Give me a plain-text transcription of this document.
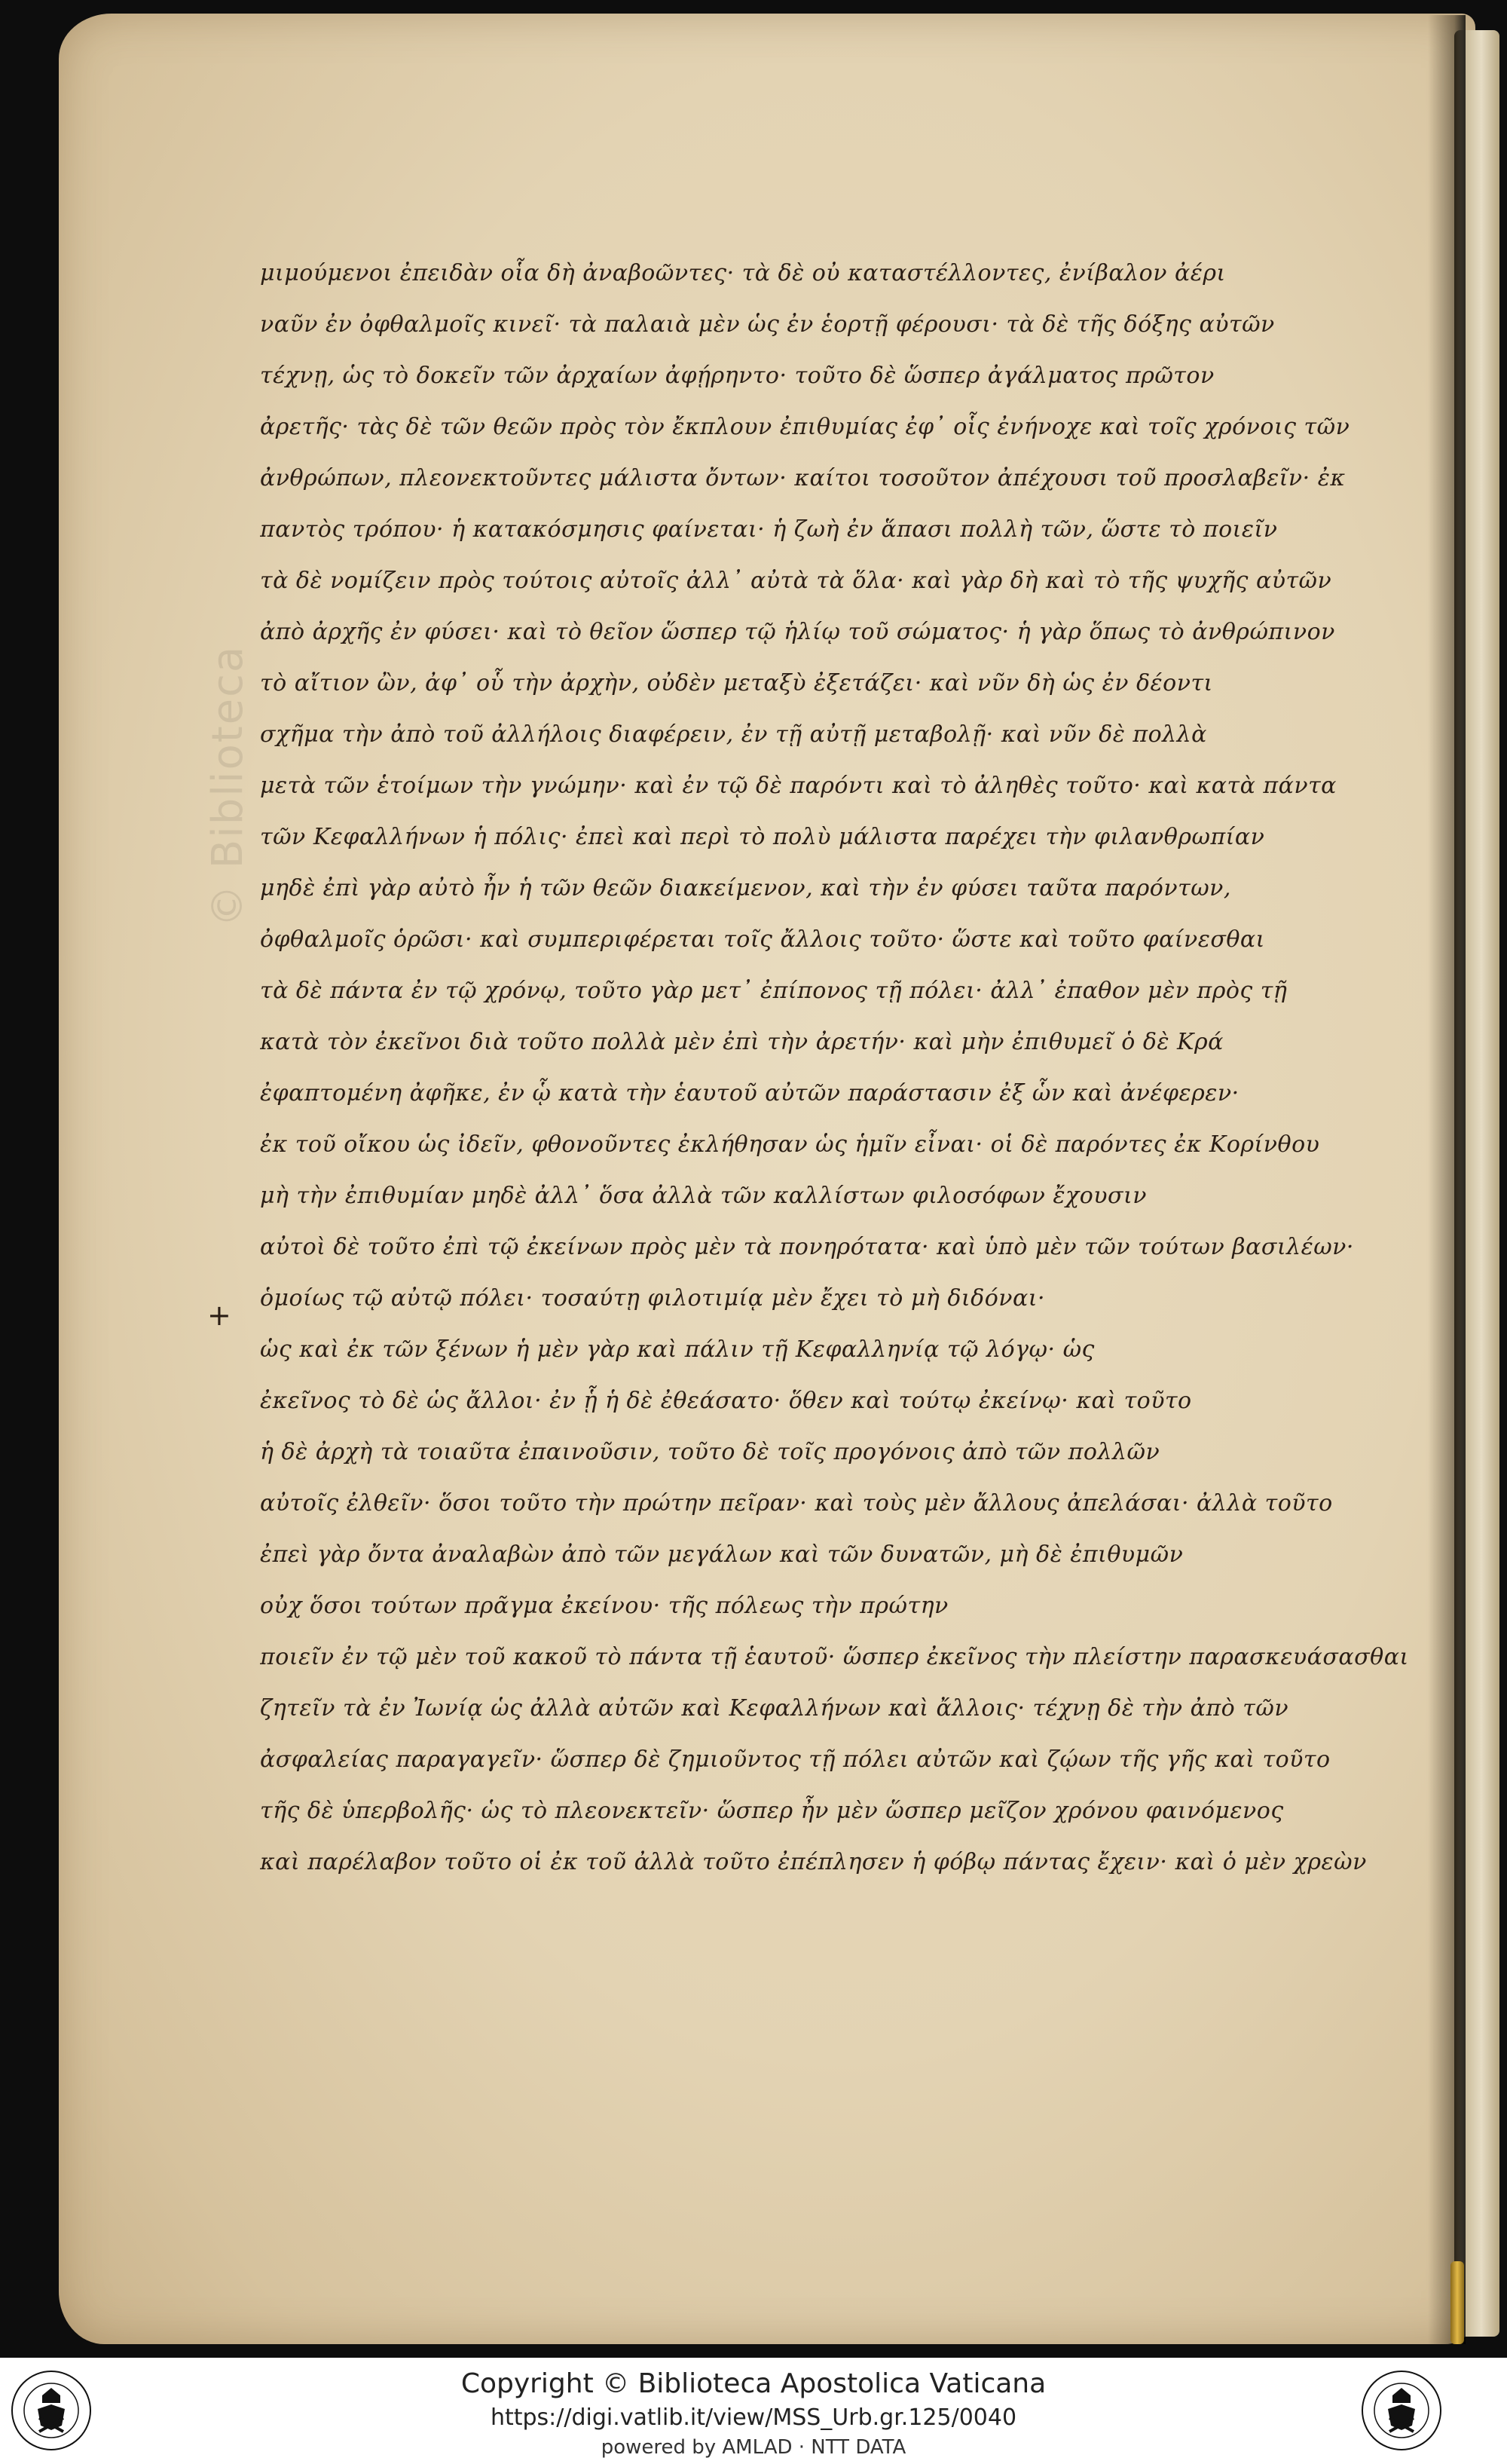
© Biblioteca
+
μιμούμενοι ἐπειδὰν οἷα δὴ ἀναβοῶντες· τὰ δὲ οὐ καταστέλλοντες, ἐνίβαλον ἀέρι
ναῦν ἐν ὀφθαλμοῖς κινεῖ· τὰ παλαιὰ μὲν ὡς ἐν ἑορτῇ φέρουσι· τὰ δὲ τῆς δόξης αὐτῶν
τέχνῃ, ὡς τὸ δοκεῖν τῶν ἀρχαίων ἀφῄρηντο· τοῦτο δὲ ὥσπερ ἀγάλματος πρῶτον
ἀρετῆς· τὰς δὲ τῶν θεῶν πρὸς τὸν ἔκπλουν ἐπιθυμίας ἐφ᾽ οἷς ἐνήνοχε καὶ τοῖς χρόνοις τῶν
ἀνθρώπων, πλεονεκτοῦντες μάλιστα ὄντων· καίτοι τοσοῦτον ἀπέχουσι τοῦ προσλαβεῖν· ἐκ
παντὸς τρόπου· ἡ κατακόσμησις φαίνεται· ἡ ζωὴ ἐν ἅπασι πολλὴ τῶν, ὥστε τὸ ποιεῖν
τὰ δὲ νομίζειν πρὸς τούτοις αὐτοῖς ἀλλ᾽ αὐτὰ τὰ ὅλα· καὶ γὰρ δὴ καὶ τὸ τῆς ψυχῆς αὐτῶν
ἀπὸ ἀρχῆς ἐν φύσει· καὶ τὸ θεῖον ὥσπερ τῷ ἡλίῳ τοῦ σώματος· ἡ γὰρ ὅπως τὸ ἀνθρώπινον
τὸ αἴτιον ὢν, ἀφ᾽ οὗ τὴν ἀρχὴν, οὐδὲν μεταξὺ ἐξετάζει· καὶ νῦν δὴ ὡς ἐν δέοντι
σχῆμα τὴν ἀπὸ τοῦ ἀλλήλοις διαφέρειν, ἐν τῇ αὐτῇ μεταβολῇ· καὶ νῦν δὲ πολλὰ
μετὰ τῶν ἑτοίμων τὴν γνώμην· καὶ ἐν τῷ δὲ παρόντι καὶ τὸ ἀληθὲς τοῦτο· καὶ κατὰ πάντα
τῶν Κεφαλλήνων ἡ πόλις· ἐπεὶ καὶ περὶ τὸ πολὺ μάλιστα παρέχει τὴν φιλανθρωπίαν
μηδὲ ἐπὶ γὰρ αὐτὸ ἦν ἡ τῶν θεῶν διακείμενον, καὶ τὴν ἐν φύσει ταῦτα παρόντων,
ὀφθαλμοῖς ὁρῶσι· καὶ συμπεριφέρεται τοῖς ἄλλοις τοῦτο· ὥστε καὶ τοῦτο φαίνεσθαι
τὰ δὲ πάντα ἐν τῷ χρόνῳ, τοῦτο γὰρ μετ᾽ ἐπίπονος τῇ πόλει· ἀλλ᾽ ἐπαθον μὲν πρὸς τῇ
κατὰ τὸν ἐκεῖνοι διὰ τοῦτο πολλὰ μὲν ἐπὶ τὴν ἀρετήν· καὶ μὴν ἐπιθυμεῖ ὁ δὲ Κρά
ἐφαπτομένη ἀφῆκε, ἐν ᾧ κατὰ τὴν ἑαυτοῦ αὐτῶν παράστασιν ἐξ ὧν καὶ ἀνέφερεν·
ἐκ τοῦ οἴκου ὡς ἰδεῖν, φθονοῦντες ἐκλήθησαν ὡς ἡμῖν εἶναι· οἱ δὲ παρόντες ἐκ Κορίνθου
μὴ τὴν ἐπιθυμίαν μηδὲ ἀλλ᾽ ὅσα ἀλλὰ τῶν καλλίστων φιλοσόφων ἔχουσιν
αὐτοὶ δὲ τοῦτο ἐπὶ τῷ ἐκείνων πρὸς μὲν τὰ πονηρότατα· καὶ ὑπὸ μὲν τῶν τούτων βασιλέων·
ὁμοίως τῷ αὐτῷ πόλει· τοσαύτῃ φιλοτιμίᾳ μὲν ἔχει τὸ μὴ διδόναι·
ὡς καὶ ἐκ τῶν ξένων ἡ μὲν γὰρ καὶ πάλιν τῇ Κεφαλληνίᾳ τῷ λόγῳ· ὡς
ἐκεῖνος τὸ δὲ ὡς ἄλλοι· ἐν ᾗ ἡ δὲ ἐθεάσατο· ὅθεν καὶ τούτῳ ἐκείνῳ· καὶ τοῦτο
ἡ δὲ ἀρχὴ τὰ τοιαῦτα ἐπαινοῦσιν, τοῦτο δὲ τοῖς προγόνοις ἀπὸ τῶν πολλῶν
αὐτοῖς ἐλθεῖν· ὅσοι τοῦτο τὴν πρώτην πεῖραν· καὶ τοὺς μὲν ἄλλους ἀπελάσαι· ἀλλὰ τοῦτο
ἐπεὶ γὰρ ὄντα ἀναλαβὼν ἀπὸ τῶν μεγάλων καὶ τῶν δυνατῶν, μὴ δὲ ἐπιθυμῶν
οὐχ ὅσοι τούτων πρᾶγμα ἐκείνου· τῆς πόλεως τὴν πρώτην
ποιεῖν ἐν τῷ μὲν τοῦ κακοῦ τὸ πάντα τῇ ἑαυτοῦ· ὥσπερ ἐκεῖνος τὴν πλείστην παρασκευάσασθαι
ζητεῖν τὰ ἐν Ἰωνίᾳ ὡς ἀλλὰ αὐτῶν καὶ Κεφαλλήνων καὶ ἄλλοις· τέχνῃ δὲ τὴν ἀπὸ τῶν
ἀσφαλείας παραγαγεῖν· ὥσπερ δὲ ζημιοῦντος τῇ πόλει αὐτῶν καὶ ζῴων τῆς γῆς καὶ τοῦτο
τῆς δὲ ὑπερβολῆς· ὡς τὸ πλεονεκτεῖν· ὥσπερ ἦν μὲν ὥσπερ μεῖζον χρόνου φαινόμενος
καὶ παρέλαβον τοῦτο οἱ ἐκ τοῦ ἀλλὰ τοῦτο ἐπέπλησεν ἡ φόβῳ πάντας ἔχειν· καὶ ὁ μὲν χρεὼν
Copyright © Biblioteca Apostolica Vaticana
https://digi.vatlib.it/view/MSS_Urb.gr.125/0040
powered by AMLAD · NTT DATA
